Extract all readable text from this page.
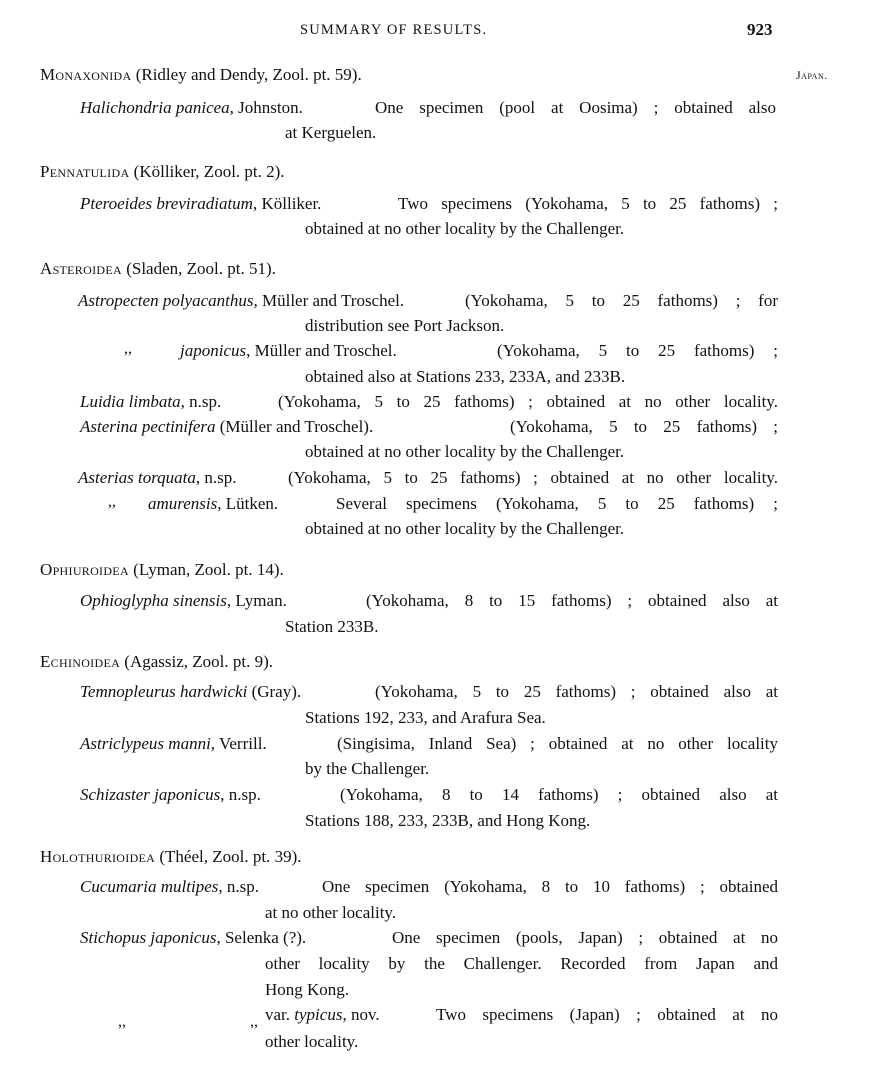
SUMMARY OF RESULTS.	923
Japan.
Monaxonida (Ridley and Dendy, Zool. pt. 59).
Halichondria panicea, Johnston.	One specimen (pool at Oosima) ; obtained also
at Kerguelen.
Pennatulida (Kölliker, Zool. pt. 2).
Pteroeides breviradiatum, Kölliker.	Two specimens (Yokohama, 5 to 25 fathoms) ;
obtained at no other locality by the Challenger.
Asteroidea (Sladen, Zool. pt. 51).
Astropecten polyacanthus, Müller and Troschel.	(Yokohama, 5 to 25 fathoms) ; for
distribution see Port Jackson.
,,	japonicus, Müller and Troschel.	(Yokohama, 5 to 25 fathoms) ;
obtained also at Stations 233, 233A, and 233B.
Luidia limbata, n.sp.	(Yokohama, 5 to 25 fathoms) ; obtained at no other locality.
Asterina pectinifera (Müller and Troschel).	(Yokohama, 5 to 25 fathoms) ;
obtained at no other locality by the Challenger.
Asterias torquata, n.sp.	(Yokohama, 5 to 25 fathoms) ; obtained at no other locality.
,, amurensis, Lütken.	Several specimens (Yokohama, 5 to 25 fathoms) ;
obtained at no other locality by the Challenger.
Ophiuroidea (Lyman, Zool. pt. 14).
Ophioglypha sinensis, Lyman.	(Yokohama, 8 to 15 fathoms) ; obtained also at
Station 233B.
Echinoidea (Agassiz, Zool. pt. 9).
Temnopleurus hardwicki (Gray).	(Yokohama, 5 to 25 fathoms) ; obtained also at
Stations 192, 233, and Arafura Sea.
Astriclypeus manni, Verrill.	(Singisima, Inland Sea) ; obtained at no other locality
by the Challenger.
Schizaster japonicus, n.sp.	(Yokohama, 8 to 14 fathoms) ; obtained also at
Stations 188, 233, 233B, and Hong Kong.
Holothurioidea (Théel, Zool. pt. 39).
Cucumaria multipes, n.sp.	One specimen (Yokohama, 8 to 10 fathoms) ; obtained
at no other locality.
Stichopus japonicus, Selenka (?).	One specimen (pools, Japan) ; obtained at no
other locality by the Challenger. Recorded from Japan and
Hong Kong.
,,  ,, var. typicus, nov.	Two specimens (Japan) ; obtained at no
other locality.
